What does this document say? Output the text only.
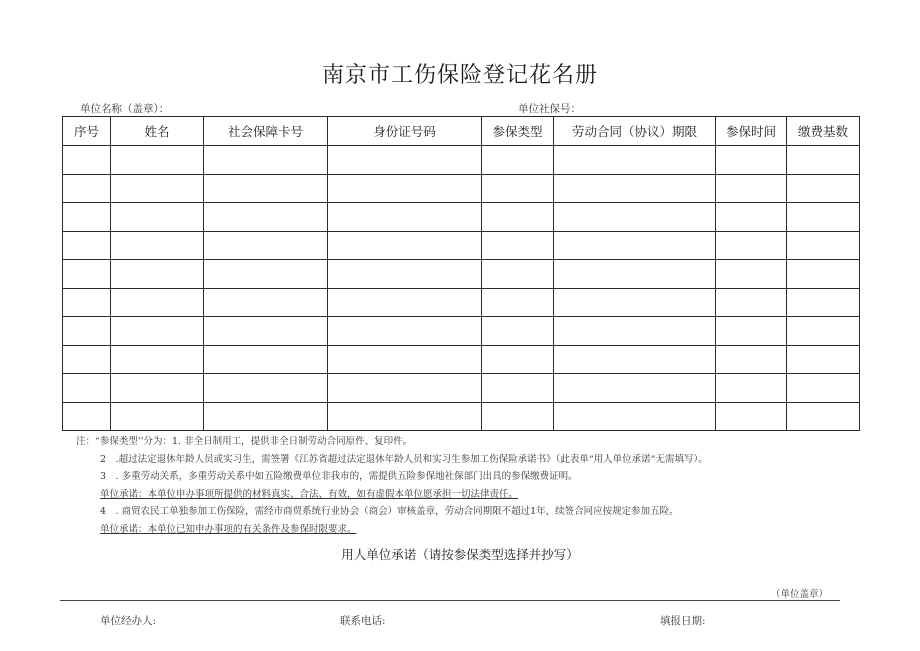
南京市工伤保险登记花名册
单位名称（盖章）：	单位社保号：
序号	姓名	社会保障卡号	身份证号码	参保类型	劳动合同（协议）期限	参保时间	缴费基数

注：“参保类型'’分为：1. 非全日制用工，提供非全日制劳动合同原件、复印件。
2　.超过法定退休年龄人员或实习生，需签署《江苏省超过法定退休年龄人员和实习生参加工伤保险承诺书》（此表单“用人单位承诺“无需填写）。
3　. 多重劳动关系，多重劳动关系中如五险缴费单位非我市的，需提供五险参保地社保部门出具的参保缴费证明。
单位承诺：本单位申办事项所提供的材料真实、合法、有效，如有虚假本单位愿承担一切法律责任。
4　. 商贸农民工单独参加工伤保险，需经市商贸系统行业协会（商会）审核盖章，劳动合同期限不超过1年，续签合同应按规定参加五险。
单位承诺：本单位已知申办事项的有关条件及参保时限要求。
用人单位承诺（请按参保类型选择并抄写）
（单位盖章）
单位经办人:	联系电话:	填报日期:
